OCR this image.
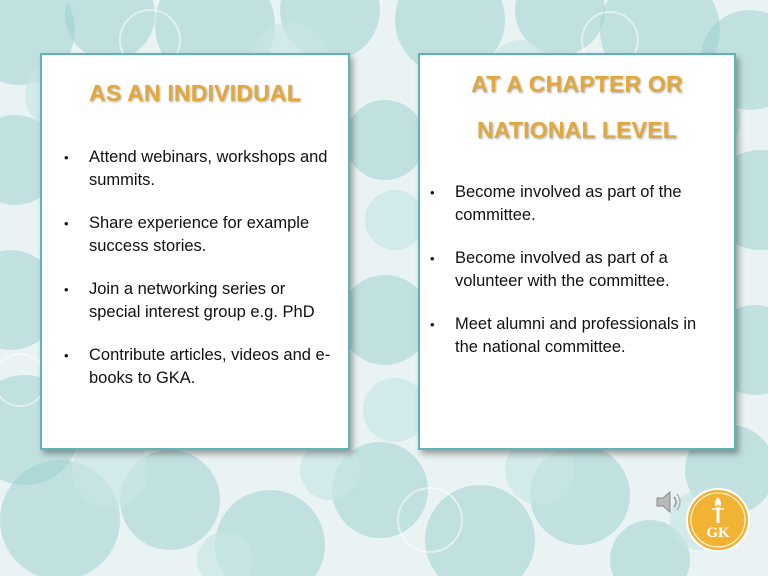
AS AN INDIVIDUAL
• Attend webinars, workshops and summits.
• Share experience for example success stories.
• Join a networking series or special interest group e.g. PhD
• Contribute articles, videos and e-books to GKA.
AT A CHAPTER OR
NATIONAL LEVEL
• Become involved as part of the committee.
• Become involved as part of a volunteer with the committee.
• Meet alumni and professionals in the national committee.
GK
